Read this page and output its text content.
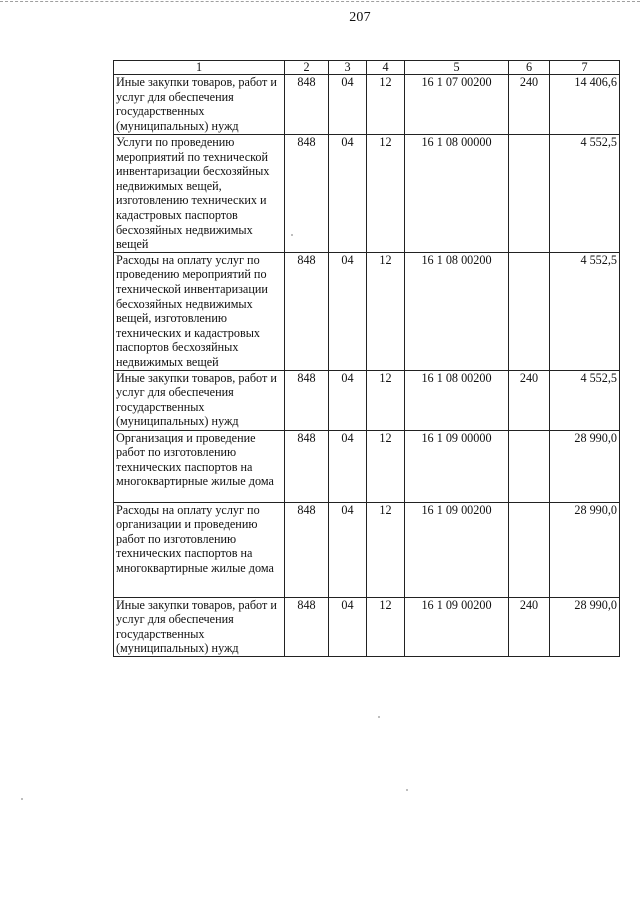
207
1	2	3	4	5	6	7
Иные закупки товаров, работ и услуг для обеспечения государственных (муниципальных) нужд	848	04	12	16 1 07 00200	240	14 406,6
Услуги по проведению мероприятий по технической инвентаризации бесхозяйных недвижимых вещей, изготовлению технических и кадастровых паспортов бесхозяйных недвижимых вещей	848	04	12	16 1 08 00000		4 552,5
Расходы на оплату услуг по проведению мероприятий по технической инвентаризации бесхозяйных недвижимых вещей, изготовлению технических и кадастровых паспортов бесхозяйных недвижимых вещей	848	04	12	16 1 08 00200		4 552,5
Иные закупки товаров, работ и услуг для обеспечения государственных (муниципальных) нужд	848	04	12	16 1 08 00200	240	4 552,5
Организация и проведение работ по изготовлению технических паспортов на многоквартирные жилые дома	848	04	12	16 1 09 00000		28 990,0
Расходы на оплату услуг по организации и проведению работ по изготовлению технических паспортов на многоквартирные жилые дома	848	04	12	16 1 09 00200		28 990,0
Иные закупки товаров, работ и услуг для обеспечения государственных (муниципальных) нужд	848	04	12	16 1 09 00200	240	28 990,0
